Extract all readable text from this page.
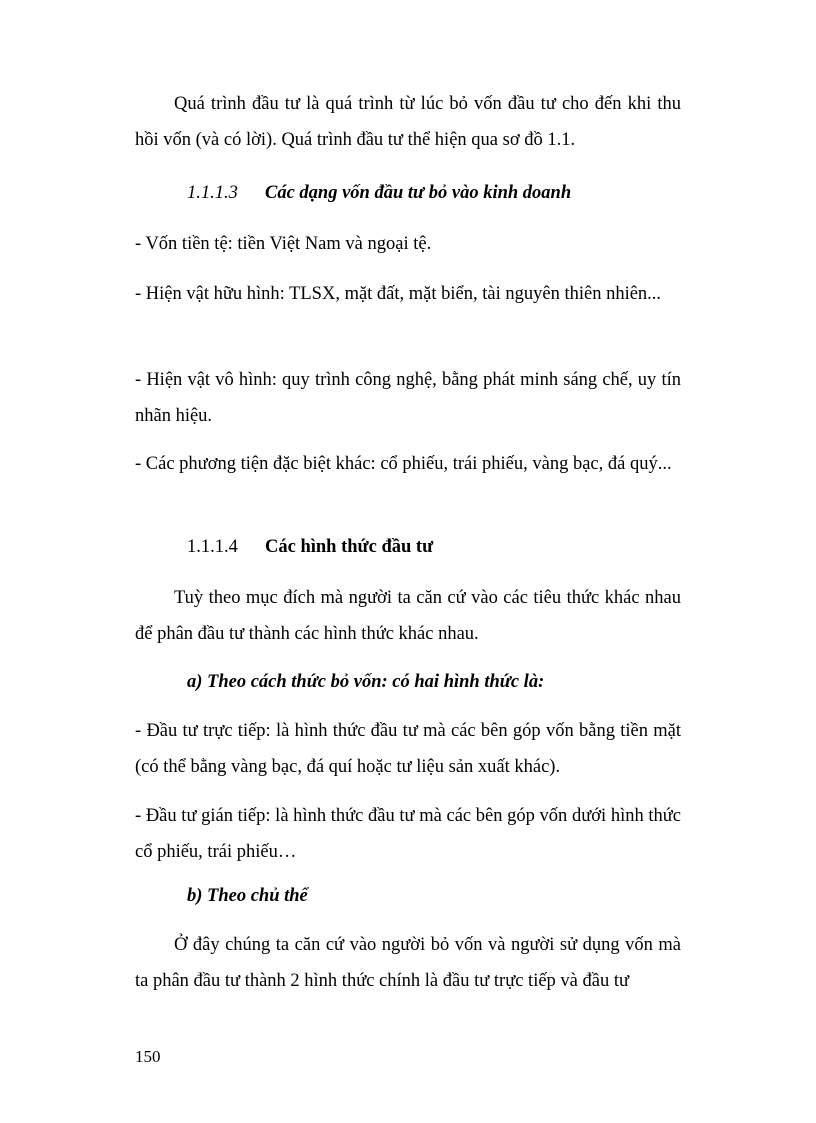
Quá trình đầu tư là quá trình từ lúc bỏ vốn đầu tư cho đến khi thu hồi vốn (và có lời). Quá trình đầu tư thể hiện qua sơ đồ 1.1.

1.1.1.3 Các dạng vốn đầu tư bỏ vào kinh doanh

- Vốn tiền tệ: tiền Việt Nam và ngoại tệ.

- Hiện vật hữu hình: TLSX, mặt đất, mặt biển, tài nguyên thiên nhiên...

- Hiện vật vô hình: quy trình công nghệ, bằng phát minh sáng chế, uy tín nhãn hiệu.

- Các phương tiện đặc biệt khác: cổ phiếu, trái phiếu, vàng bạc, đá quý...

1.1.1.4 Các hình thức đầu tư

Tuỳ theo mục đích mà người ta căn cứ vào các tiêu thức khác nhau để phân đầu tư thành các hình thức khác nhau.

a) Theo cách thức bỏ vốn: có hai hình thức là:

- Đầu tư trực tiếp: là hình thức đầu tư mà các bên góp vốn bằng tiền mặt (có thể bằng vàng bạc, đá quí hoặc tư liệu sản xuất khác).

- Đầu tư gián tiếp: là hình thức đầu tư mà các bên góp vốn dưới hình thức cổ phiếu, trái phiếu…

b) Theo chủ thể

Ở đây chúng ta căn cứ vào người bỏ vốn và người sử dụng vốn mà ta phân đầu tư thành 2 hình thức chính là đầu tư trực tiếp và đầu tư

150
